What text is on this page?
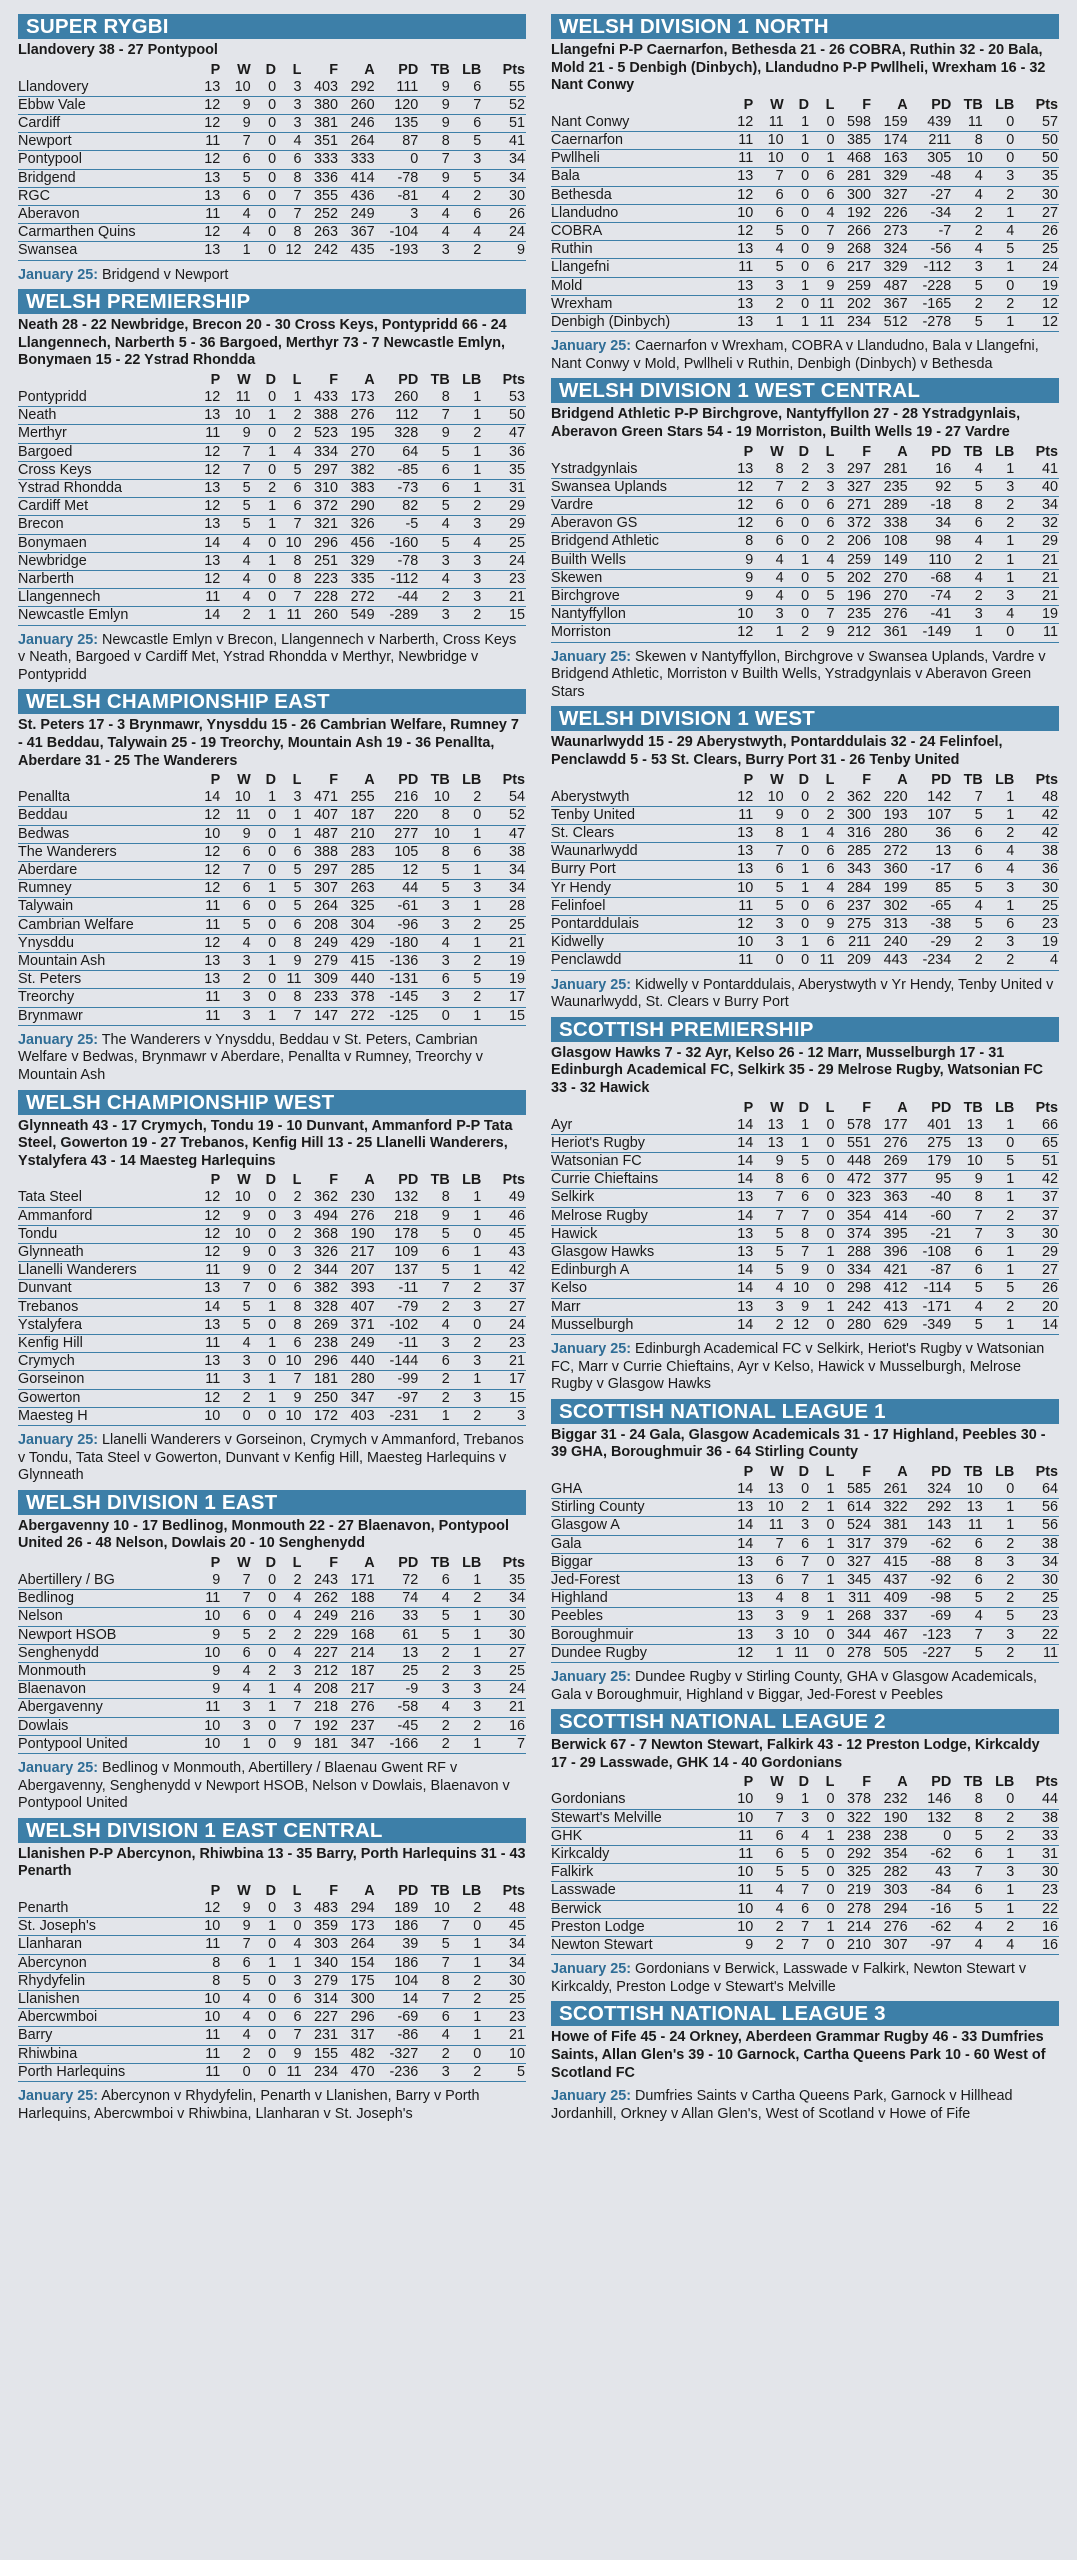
SUPER RYGBI
Llandovery 38 - 27 Pontypool
	P	W	D	L	F	A	PD	TB	LB	Pts
Llandovery	13	10	0	3	403	292	111	9	6	55
Ebbw Vale	12	9	0	3	380	260	120	9	7	52
Cardiff	12	9	0	3	381	246	135	9	6	51
Newport	11	7	0	4	351	264	87	8	5	41
Pontypool	12	6	0	6	333	333	0	7	3	34
Bridgend	13	5	0	8	336	414	-78	9	5	34
RGC	13	6	0	7	355	436	-81	4	2	30
Aberavon	11	4	0	7	252	249	3	4	6	26
Carmarthen Quins	12	4	0	8	263	367	-104	4	4	24
Swansea	13	1	0	12	242	435	-193	3	2	9
January 25: Bridgend v Newport
WELSH PREMIERSHIP
Neath 28 - 22 Newbridge, Brecon 20 - 30 Cross Keys, Pontypridd 66 - 24 Llangennech, Narberth 5 - 36 Bargoed, Merthyr 73 - 7 Newcastle Emlyn, Bonymaen 15 - 22 Ystrad Rhondda
	P	W	D	L	F	A	PD	TB	LB	Pts
Pontypridd	12	11	0	1	433	173	260	8	1	53
Neath	13	10	1	2	388	276	112	7	1	50
Merthyr	11	9	0	2	523	195	328	9	2	47
Bargoed	12	7	1	4	334	270	64	5	1	36
Cross Keys	12	7	0	5	297	382	-85	6	1	35
Ystrad Rhondda	13	5	2	6	310	383	-73	6	1	31
Cardiff Met	12	5	1	6	372	290	82	5	2	29
Brecon	13	5	1	7	321	326	-5	4	3	29
Bonymaen	14	4	0	10	296	456	-160	5	4	25
Newbridge	13	4	1	8	251	329	-78	3	3	24
Narberth	12	4	0	8	223	335	-112	4	3	23
Llangennech	11	4	0	7	228	272	-44	2	3	21
Newcastle Emlyn	14	2	1	11	260	549	-289	3	2	15
January 25: Newcastle Emlyn v Brecon, Llangennech v Narberth, Cross Keys v Neath, Bargoed v Cardiff Met, Ystrad Rhondda v Merthyr, Newbridge v Pontypridd
WELSH CHAMPIONSHIP EAST
St. Peters 17 - 3 Brynmawr, Ynysddu 15 - 26 Cambrian Welfare, Rumney 7 - 41 Beddau, Talywain 25 - 19 Treorchy, Mountain Ash 19 - 36 Penallta, Aberdare 31 - 25 The Wanderers
	P	W	D	L	F	A	PD	TB	LB	Pts
Penallta	14	10	1	3	471	255	216	10	2	54
Beddau	12	11	0	1	407	187	220	8	0	52
Bedwas	10	9	0	1	487	210	277	10	1	47
The Wanderers	12	6	0	6	388	283	105	8	6	38
Aberdare	12	7	0	5	297	285	12	5	1	34
Rumney	12	6	1	5	307	263	44	5	3	34
Talywain	11	6	0	5	264	325	-61	3	1	28
Cambrian Welfare	11	5	0	6	208	304	-96	3	2	25
Ynysddu	12	4	0	8	249	429	-180	4	1	21
Mountain Ash	13	3	1	9	279	415	-136	3	2	19
St. Peters	13	2	0	11	309	440	-131	6	5	19
Treorchy	11	3	0	8	233	378	-145	3	2	17
Brynmawr	11	3	1	7	147	272	-125	0	1	15
January 25: The Wanderers v Ynysddu, Beddau v St. Peters, Cambrian Welfare v Bedwas, Brynmawr v Aberdare, Penallta v Rumney, Treorchy v Mountain Ash
WELSH CHAMPIONSHIP WEST
Glynneath 43 - 17 Crymych, Tondu 19 - 10 Dunvant, Ammanford P-P Tata Steel, Gowerton 19 - 27 Trebanos, Kenfig Hill 13 - 25 Llanelli Wanderers, Ystalyfera 43 - 14 Maesteg Harlequins
	P	W	D	L	F	A	PD	TB	LB	Pts
Tata Steel	12	10	0	2	362	230	132	8	1	49
Ammanford	12	9	0	3	494	276	218	9	1	46
Tondu	12	10	0	2	368	190	178	5	0	45
Glynneath	12	9	0	3	326	217	109	6	1	43
Llanelli Wanderers	11	9	0	2	344	207	137	5	1	42
Dunvant	13	7	0	6	382	393	-11	7	2	37
Trebanos	14	5	1	8	328	407	-79	2	3	27
Ystalyfera	13	5	0	8	269	371	-102	4	0	24
Kenfig Hill	11	4	1	6	238	249	-11	3	2	23
Crymych	13	3	0	10	296	440	-144	6	3	21
Gorseinon	11	3	1	7	181	280	-99	2	1	17
Gowerton	12	2	1	9	250	347	-97	2	3	15
Maesteg H	10	0	0	10	172	403	-231	1	2	3
January 25: Llanelli Wanderers v Gorseinon, Crymych v Ammanford, Trebanos v Tondu, Tata Steel v Gowerton, Dunvant v Kenfig Hill, Maesteg Harlequins v Glynneath
WELSH DIVISION 1 EAST
Abergavenny 10 - 17 Bedlinog, Monmouth 22 - 27 Blaenavon, Pontypool United 26 - 48 Nelson, Dowlais 20 - 10 Senghenydd
	P	W	D	L	F	A	PD	TB	LB	Pts
Abertillery / BG	9	7	0	2	243	171	72	6	1	35
Bedlinog	11	7	0	4	262	188	74	4	2	34
Nelson	10	6	0	4	249	216	33	5	1	30
Newport HSOB	9	5	2	2	229	168	61	5	1	30
Senghenydd	10	6	0	4	227	214	13	2	1	27
Monmouth	9	4	2	3	212	187	25	2	3	25
Blaenavon	9	4	1	4	208	217	-9	3	3	24
Abergavenny	11	3	1	7	218	276	-58	4	3	21
Dowlais	10	3	0	7	192	237	-45	2	2	16
Pontypool United	10	1	0	9	181	347	-166	2	1	7
January 25: Bedlinog v Monmouth, Abertillery / Blaenau Gwent RF v Abergavenny, Senghenydd v Newport HSOB, Nelson v Dowlais, Blaenavon v Pontypool United
WELSH DIVISION 1 EAST CENTRAL
Llanishen P-P Abercynon, Rhiwbina 13 - 35 Barry, Porth Harlequins 31 - 43 Penarth
	P	W	D	L	F	A	PD	TB	LB	Pts
Penarth	12	9	0	3	483	294	189	10	2	48
St. Joseph's	10	9	1	0	359	173	186	7	0	45
Llanharan	11	7	0	4	303	264	39	5	1	34
Abercynon	8	6	1	1	340	154	186	7	1	34
Rhydyfelin	8	5	0	3	279	175	104	8	2	30
Llanishen	10	4	0	6	314	300	14	7	2	25
Abercwmboi	10	4	0	6	227	296	-69	6	1	23
Barry	11	4	0	7	231	317	-86	4	1	21
Rhiwbina	11	2	0	9	155	482	-327	2	0	10
Porth Harlequins	11	0	0	11	234	470	-236	3	2	5
January 25: Abercynon v Rhydyfelin, Penarth v Llanishen, Barry v Porth Harlequins, Abercwmboi v Rhiwbina, Llanharan v St. Joseph's
WELSH DIVISION 1 NORTH
Llangefni P-P Caernarfon, Bethesda 21 - 26 COBRA, Ruthin 32 - 20 Bala, Mold 21 - 5 Denbigh (Dinbych), Llandudno P-P Pwllheli, Wrexham 16 - 32 Nant Conwy
	P	W	D	L	F	A	PD	TB	LB	Pts
Nant Conwy	12	11	1	0	598	159	439	11	0	57
Caernarfon	11	10	1	0	385	174	211	8	0	50
Pwllheli	11	10	0	1	468	163	305	10	0	50
Bala	13	7	0	6	281	329	-48	4	3	35
Bethesda	12	6	0	6	300	327	-27	4	2	30
Llandudno	10	6	0	4	192	226	-34	2	1	27
COBRA	12	5	0	7	266	273	-7	2	4	26
Ruthin	13	4	0	9	268	324	-56	4	5	25
Llangefni	11	5	0	6	217	329	-112	3	1	24
Mold	13	3	1	9	259	487	-228	5	0	19
Wrexham	13	2	0	11	202	367	-165	2	2	12
Denbigh (Dinbych)	13	1	1	11	234	512	-278	5	1	12
January 25: Caernarfon v Wrexham, COBRA v Llandudno, Bala v Llangefni, Nant Conwy v Mold, Pwllheli v Ruthin, Denbigh (Dinbych) v Bethesda
WELSH DIVISION 1 WEST CENTRAL
Bridgend Athletic P-P Birchgrove, Nantyffyllon 27 - 28 Ystradgynlais, Aberavon Green Stars 54 - 19 Morriston, Builth Wells 19 - 27 Vardre
	P	W	D	L	F	A	PD	TB	LB	Pts
Ystradgynlais	13	8	2	3	297	281	16	4	1	41
Swansea Uplands	12	7	2	3	327	235	92	5	3	40
Vardre	12	6	0	6	271	289	-18	8	2	34
Aberavon GS	12	6	0	6	372	338	34	6	2	32
Bridgend Athletic	8	6	0	2	206	108	98	4	1	29
Builth Wells	9	4	1	4	259	149	110	2	1	21
Skewen	9	4	0	5	202	270	-68	4	1	21
Birchgrove	9	4	0	5	196	270	-74	2	3	21
Nantyffyllon	10	3	0	7	235	276	-41	3	4	19
Morriston	12	1	2	9	212	361	-149	1	0	11
January 25: Skewen v Nantyffyllon, Birchgrove v Swansea Uplands, Vardre v Bridgend Athletic, Morriston v Builth Wells, Ystradgynlais v Aberavon Green Stars
WELSH DIVISION 1 WEST
Waunarlwydd 15 - 29 Aberystwyth, Pontarddulais 32 - 24 Felinfoel, Penclawdd 5 - 53 St. Clears, Burry Port 31 - 26 Tenby United
	P	W	D	L	F	A	PD	TB	LB	Pts
Aberystwyth	12	10	0	2	362	220	142	7	1	48
Tenby United	11	9	0	2	300	193	107	5	1	42
St. Clears	13	8	1	4	316	280	36	6	2	42
Waunarlwydd	13	7	0	6	285	272	13	6	4	38
Burry Port	13	6	1	6	343	360	-17	6	4	36
Yr Hendy	10	5	1	4	284	199	85	5	3	30
Felinfoel	11	5	0	6	237	302	-65	4	1	25
Pontarddulais	12	3	0	9	275	313	-38	5	6	23
Kidwelly	10	3	1	6	211	240	-29	2	3	19
Penclawdd	11	0	0	11	209	443	-234	2	2	4
January 25: Kidwelly v Pontarddulais, Aberystwyth v Yr Hendy, Tenby United v Waunarlwydd, St. Clears v Burry Port
SCOTTISH PREMIERSHIP
Glasgow Hawks 7 - 32 Ayr, Kelso 26 - 12 Marr, Musselburgh 17 - 31 Edinburgh Academical FC, Selkirk 35 - 29 Melrose Rugby, Watsonian FC 33 - 32 Hawick
	P	W	D	L	F	A	PD	TB	LB	Pts
Ayr	14	13	1	0	578	177	401	13	1	66
Heriot's Rugby	14	13	1	0	551	276	275	13	0	65
Watsonian FC	14	9	5	0	448	269	179	10	5	51
Currie Chieftains	14	8	6	0	472	377	95	9	1	42
Selkirk	13	7	6	0	323	363	-40	8	1	37
Melrose Rugby	14	7	7	0	354	414	-60	7	2	37
Hawick	13	5	8	0	374	395	-21	7	3	30
Glasgow Hawks	13	5	7	1	288	396	-108	6	1	29
Edinburgh A	14	5	9	0	334	421	-87	6	1	27
Kelso	14	4	10	0	298	412	-114	5	5	26
Marr	13	3	9	1	242	413	-171	4	2	20
Musselburgh	14	2	12	0	280	629	-349	5	1	14
January 25: Edinburgh Academical FC v Selkirk, Heriot's Rugby v Watsonian FC, Marr v Currie Chieftains, Ayr v Kelso, Hawick v Musselburgh, Melrose Rugby v Glasgow Hawks
SCOTTISH NATIONAL LEAGUE 1
Biggar 31 - 24 Gala, Glasgow Academicals 31 - 17 Highland, Peebles 30 - 39 GHA, Boroughmuir 36 - 64 Stirling County
	P	W	D	L	F	A	PD	TB	LB	Pts
GHA	14	13	0	1	585	261	324	10	0	64
Stirling County	13	10	2	1	614	322	292	13	1	56
Glasgow A	14	11	3	0	524	381	143	11	1	56
Gala	14	7	6	1	317	379	-62	6	2	38
Biggar	13	6	7	0	327	415	-88	8	3	34
Jed-Forest	13	6	7	1	345	437	-92	6	2	30
Highland	13	4	8	1	311	409	-98	5	2	25
Peebles	13	3	9	1	268	337	-69	4	5	23
Boroughmuir	13	3	10	0	344	467	-123	7	3	22
Dundee Rugby	12	1	11	0	278	505	-227	5	2	11
January 25: Dundee Rugby v Stirling County, GHA v Glasgow Academicals, Gala v Boroughmuir, Highland v Biggar, Jed-Forest v Peebles
SCOTTISH NATIONAL LEAGUE 2
Berwick 67 - 7 Newton Stewart, Falkirk 43 - 12 Preston Lodge, Kirkcaldy 17 - 29 Lasswade, GHK 14 - 40 Gordonians
	P	W	D	L	F	A	PD	TB	LB	Pts
Gordonians	10	9	1	0	378	232	146	8	0	44
Stewart's Melville	10	7	3	0	322	190	132	8	2	38
GHK	11	6	4	1	238	238	0	5	2	33
Kirkcaldy	11	6	5	0	292	354	-62	6	1	31
Falkirk	10	5	5	0	325	282	43	7	3	30
Lasswade	11	4	7	0	219	303	-84	6	1	23
Berwick	10	4	6	0	278	294	-16	5	1	22
Preston Lodge	10	2	7	1	214	276	-62	4	2	16
Newton Stewart	9	2	7	0	210	307	-97	4	4	16
January 25: Gordonians v Berwick, Lasswade v Falkirk, Newton Stewart v Kirkcaldy, Preston Lodge v Stewart's Melville
SCOTTISH NATIONAL LEAGUE 3
Howe of Fife 45 - 24 Orkney, Aberdeen Grammar Rugby 46 - 33 Dumfries Saints, Allan Glen's 39 - 10 Garnock, Cartha Queens Park 10 - 60 West of Scotland FC
January 25: Dumfries Saints v Cartha Queens Park, Garnock v Hillhead Jordanhill, Orkney v Allan Glen's, West of Scotland v Howe of Fife
